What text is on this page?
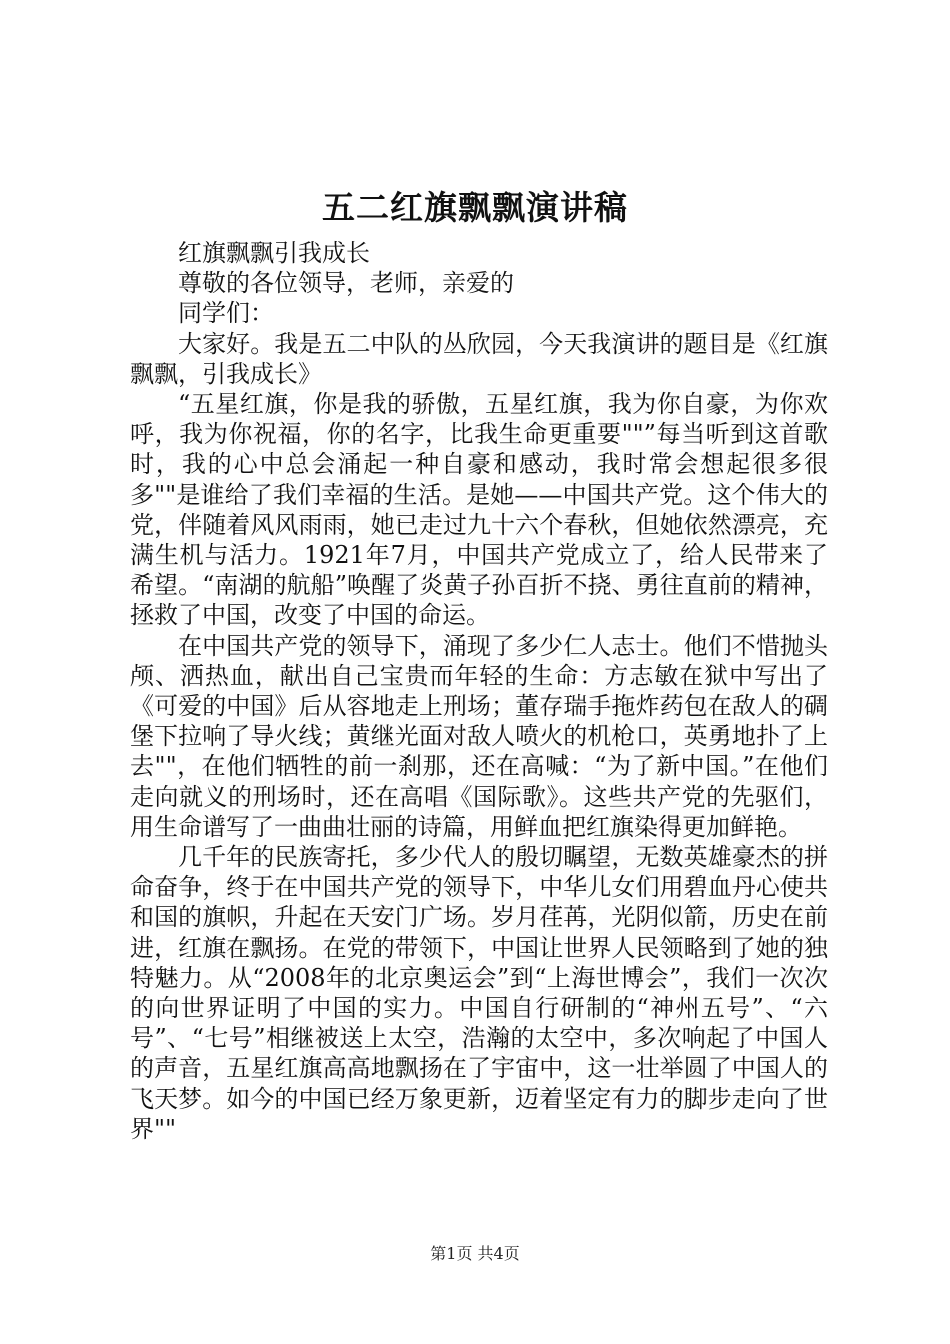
五二红旗飘飘演讲稿

红旗飘飘引我成长

尊敬的各位领导，老师，亲爱的

同学们：

大家好。我是五二中队的丛欣园，今天我演讲的题目是《红旗飘飘，引我成长》

“五星红旗，你是我的骄傲，五星红旗，我为你自豪，为你欢呼，我为你祝福，你的名字，比我生命更重要""”每当听到这首歌时，我的心中总会涌起一种自豪和感动，我时常会想起很多很多""是谁给了我们幸福的生活。是她——中国共产党。这个伟大的党，伴随着风风雨雨，她已走过九十六个春秋，但她依然漂亮，充满生机与活力。1921年7月，中国共产党成立了，给人民带来了希望。“南湖的航船”唤醒了炎黄子孙百折不挠、勇往直前的精神，拯救了中国，改变了中国的命运。

在中国共产党的领导下，涌现了多少仁人志士。他们不惜抛头颅、洒热血，献出自己宝贵而年轻的生命：方志敏在狱中写出了《可爱的中国》后从容地走上刑场；董存瑞手拖炸药包在敌人的碉堡下拉响了导火线；黄继光面对敌人喷火的机枪口，英勇地扑了上去""，在他们牺牲的前一刹那，还在高喊：“为了新中国。”在他们走向就义的刑场时，还在高唱《国际歌》。这些共产党的先驱们，用生命谱写了一曲曲壮丽的诗篇，用鲜血把红旗染得更加鲜艳。

几千年的民族寄托，多少代人的殷切瞩望，无数英雄豪杰的拼命奋争，终于在中国共产党的领导下，中华儿女们用碧血丹心使共和国的旗帜，升起在天安门广场。岁月荏苒，光阴似箭，历史在前进，红旗在飘扬。在党的带领下，中国让世界人民领略到了她的独特魅力。从“2008年的北京奥运会”到“上海世博会”，我们一次次的向世界证明了中国的实力。中国自行研制的“神州五号”、“六号”、“七号”相继被送上太空，浩瀚的太空中，多次响起了中国人的声音，五星红旗高高地飘扬在了宇宙中，这一壮举圆了中国人的飞天梦。如今的中国已经万象更新，迈着坚定有力的脚步走向了世界""

第1页 共4页
